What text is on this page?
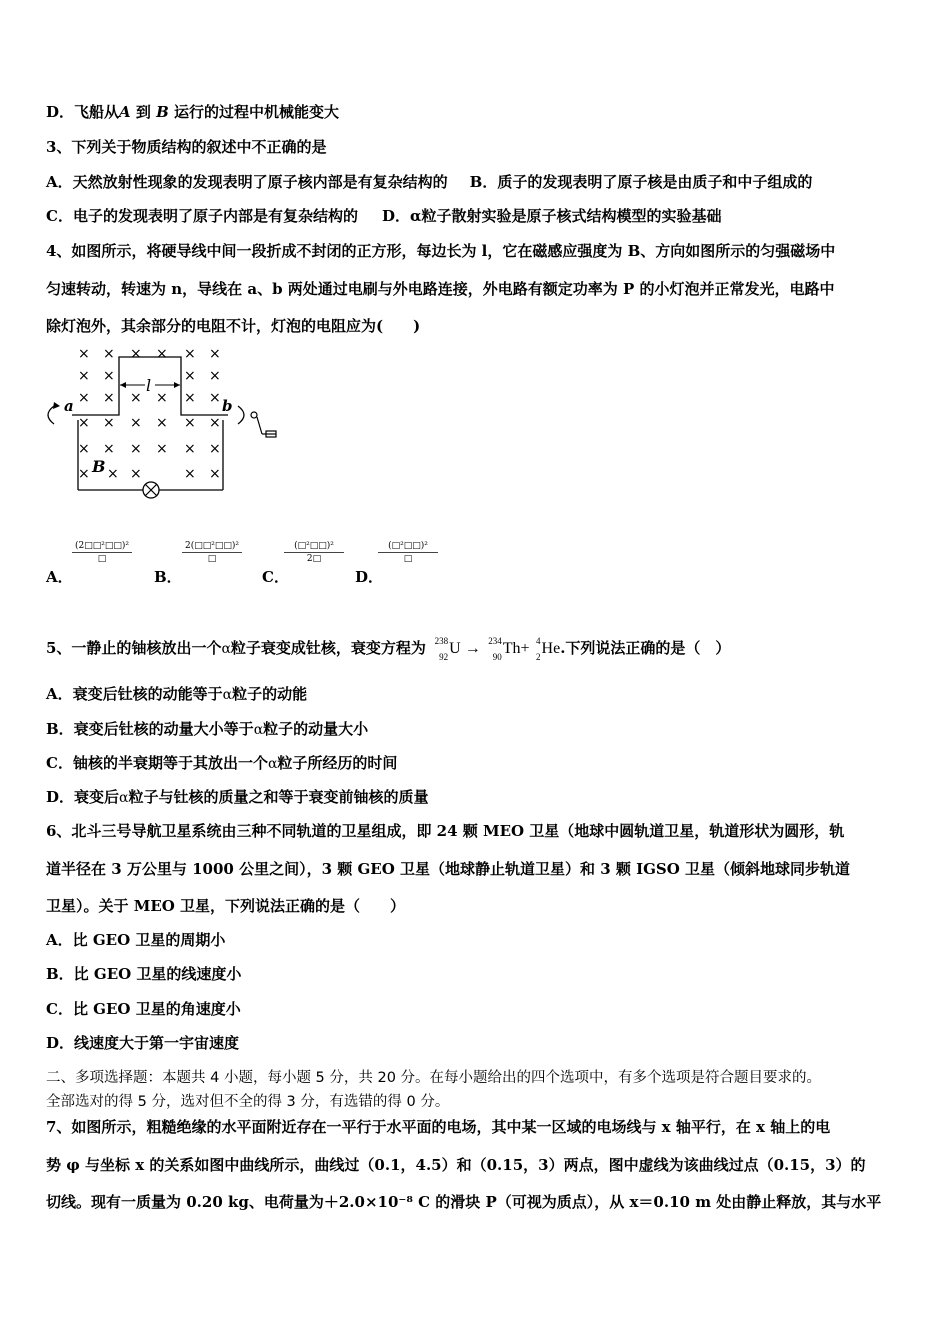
D．飞船从A 到 B 运行的过程中机械能变大
3、下列关于物质结构的叙述中不正确的是
A．天然放射性现象的发现表明了原子核内部是有复杂结构的 B．质子的发现表明了原子核是由质子和中子组成的
C．电子的发现表明了原子内部是有复杂结构的 D．α粒子散射实验是原子核式结构模型的实验基础
4、如图所示，将硬导线中间一段折成不封闭的正方形，每边长为 l，它在磁感应强度为 B、方向如图所示的匀强磁场中
匀速转动，转速为 n，导线在 a、b 两处通过电刷与外电路连接，外电路有额定功率为 P 的小灯泡并正常发光，电路中
除灯泡外，其余部分的电阻不计，灯泡的电阻应为(　　)
× × × × × ×
× ×	× ×
× × × × × ×
× × × × × ×
× × × × × ×
× × ×	× ×
l
a	b
B
A．
(2□□²□□)²
□
B．
2(□□²□□)²
□
C．
(□²□□)²
2□
D．
(□²□□)²
□
5、一静止的铀核放出一个α粒子衰变成钍核，衰变方程为 238
92 U → 234
90 Th+ 4
2 He.下列说法正确的是（　）
A．衰变后钍核的动能等于α粒子的动能
B．衰变后钍核的动量大小等于α粒子的动量大小
C．铀核的半衰期等于其放出一个α粒子所经历的时间
D．衰变后α粒子与钍核的质量之和等于衰变前铀核的质量
6、北斗三号导航卫星系统由三种不同轨道的卫星组成，即 24 颗 MEO 卫星（地球中圆轨道卫星，轨道形状为圆形，轨
道半径在 3 万公里与 1000 公里之间），3 颗 GEO 卫星（地球静止轨道卫星）和 3 颗 IGSO 卫星（倾斜地球同步轨道
卫星）。关于 MEO 卫星，下列说法正确的是（　　）
A．比 GEO 卫星的周期小
B．比 GEO 卫星的线速度小
C．比 GEO 卫星的角速度小
D．线速度大于第一宇宙速度
二、多项选择题：本题共 4 小题，每小题 5 分，共 20 分。在每小题给出的四个选项中，有多个选项是符合题目要求的。
全部选对的得 5 分，选对但不全的得 3 分，有选错的得 0 分。
7、如图所示，粗糙绝缘的水平面附近存在一平行于水平面的电场，其中某一区域的电场线与 x 轴平行，在 x 轴上的电
势 φ 与坐标 x 的关系如图中曲线所示，曲线过（0.1，4.5）和（0.15，3）两点，图中虚线为该曲线过点（0.15，3）的
切线。现有一质量为 0.20 kg、电荷量为＋2.0×10⁻⁸ C 的滑块 P（可视为质点），从 x＝0.10 m 处由静止释放，其与水平
